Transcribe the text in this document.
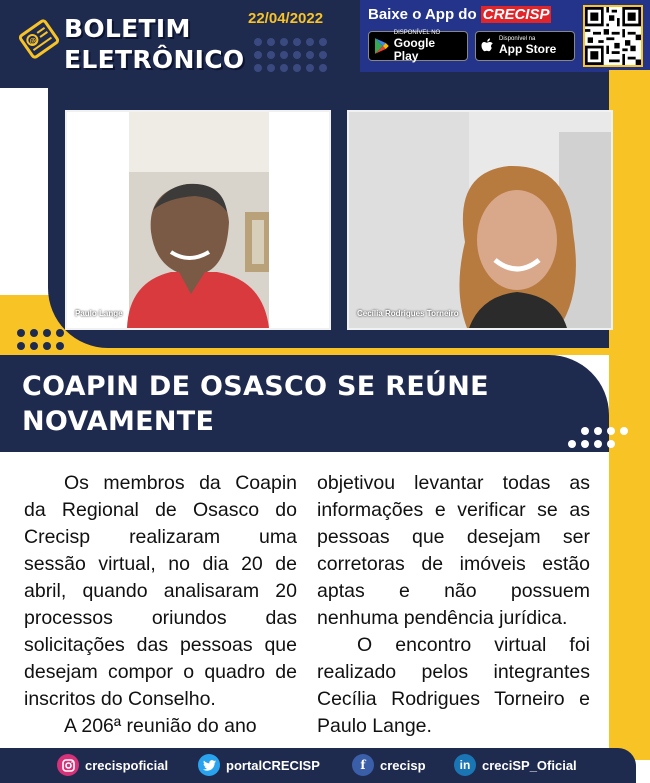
@ BOLETIM
ELETRÔNICO
22/04/2022	Baixe o App do CRECISP
DISPONÍVEL NO
Google Play
Disponível na
App Store
Paulo Lange	Cecília Rodrigues Torneiro
COAPIN DE OSASCO SE REÚNE NOVAMENTE

Os membros da Coapin da Regional de Osasco do Crecisp realizaram uma sessão virtual, no dia 20 de abril, quando analisaram 20 processos oriundos das solicitações das pessoas que desejam compor o quadro de inscritos do Conselho.

A 206ª reunião do ano

objetivou levantar todas as informações e verificar se as pessoas que desejam ser corretoras de imóveis estão aptas e não possuem nenhuma pendência jurídica.

O encontro virtual foi realizado pelos integrantes Cecília Rodrigues Torneiro e Paulo Lange.

crecispoficial	portalCRECISP	f	crecisp	in creciSP_Oficial
